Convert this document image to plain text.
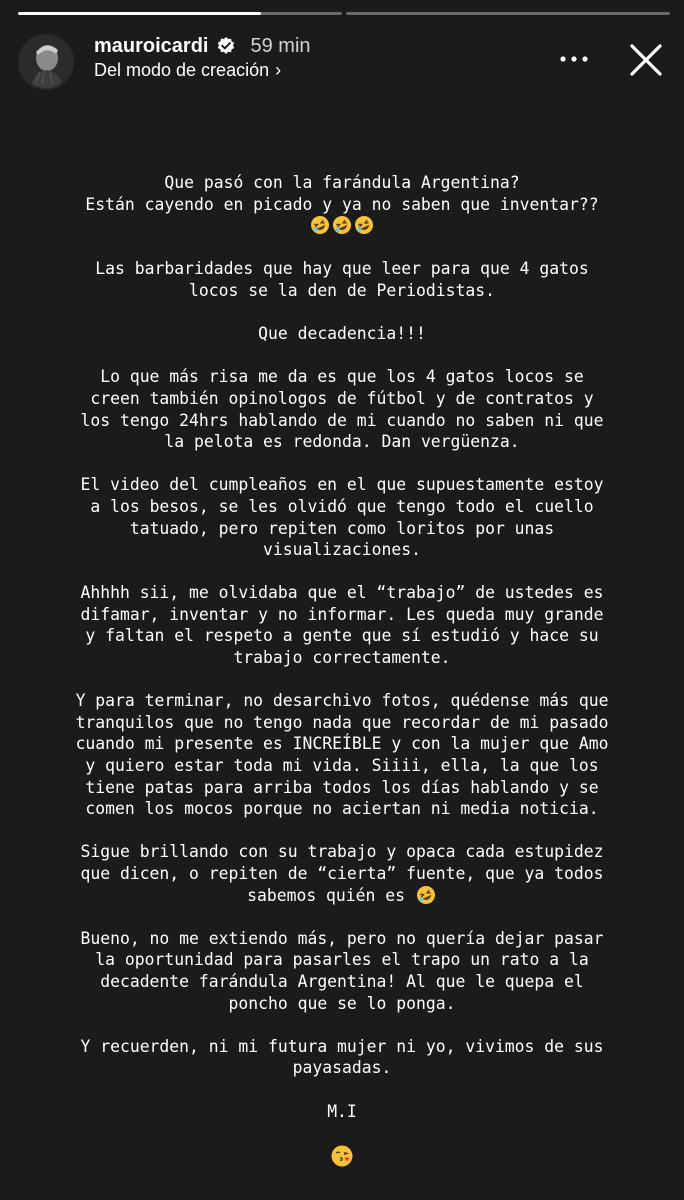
mauroicardi 59 min
Del modo de creación ›
Que pasó con la farándula Argentina?
Están cayendo en picado y ya no saben que inventar??
Las barbaridades que hay que leer para que 4 gatos
locos se la den de Periodistas.
Que decadencia!!!
Lo que más risa me da es que los 4 gatos locos se
creen también opinologos de fútbol y de contratos y
los tengo 24hrs hablando de mi cuando no saben ni que
la pelota es redonda. Dan vergüenza.
El video del cumpleaños en el que supuestamente estoy
a los besos, se les olvidó que tengo todo el cuello
tatuado, pero repiten como loritos por unas
visualizaciones.
Ahhhh sii, me olvidaba que el “trabajo” de ustedes es
difamar, inventar y no informar. Les queda muy grande
y faltan el respeto a gente que sí estudió y hace su
trabajo correctamente.
Y para terminar, no desarchivo fotos, quédense más que
tranquilos que no tengo nada que recordar de mi pasado
cuando mi presente es INCREÍBLE y con la mujer que Amo
y quiero estar toda mi vida. Siiii, ella, la que los
tiene patas para arriba todos los días hablando y se
comen los mocos porque no aciertan ni media noticia.
Sigue brillando con su trabajo y opaca cada estupidez
que dicen, o repiten de “cierta” fuente, que ya todos
sabemos quién es
Bueno, no me extiendo más, pero no quería dejar pasar
la oportunidad para pasarles el trapo un rato a la
decadente farándula Argentina! Al que le quepa el
poncho que se lo ponga.
Y recuerden, ni mi futura mujer ni yo, vivimos de sus
payasadas.
M.I
